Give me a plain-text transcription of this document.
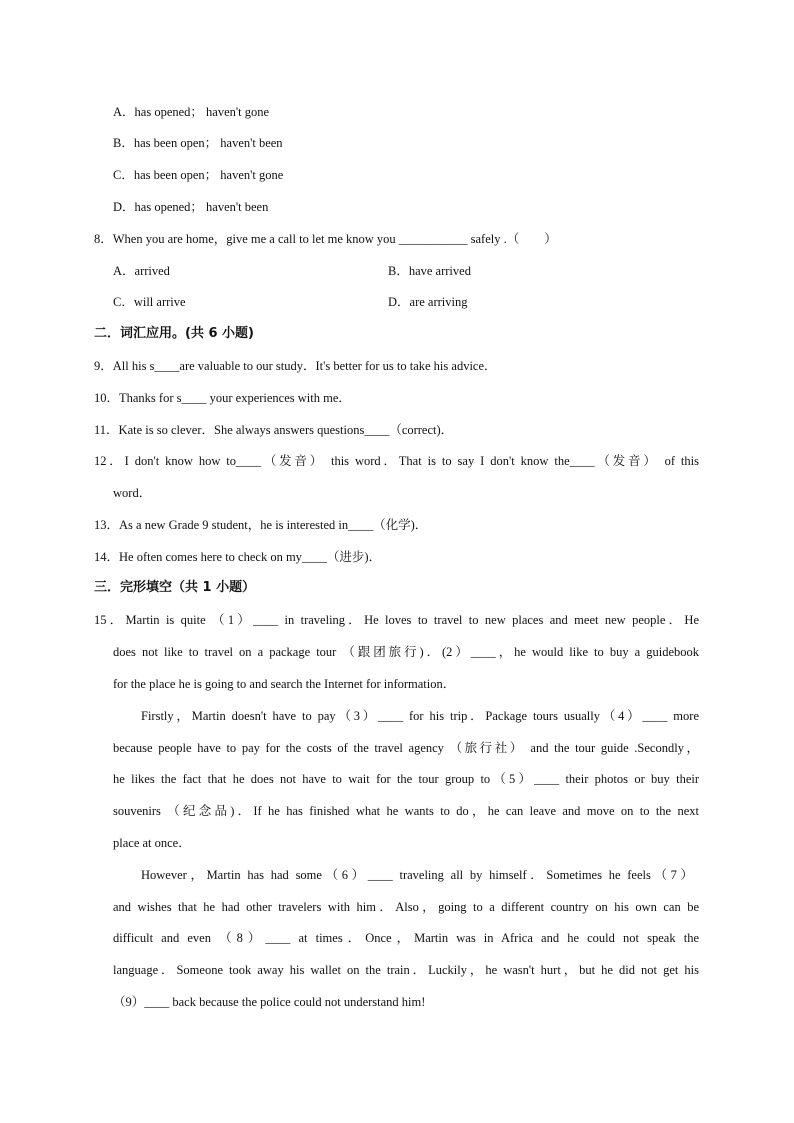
A．has opened； haven't gone
B．has been open； haven't been
C．has been open； haven't gone
D．has opened； haven't been
8．When you are home，give me a call to let me know you ___________ safely .（　　）
A．arrived	B．have arrived
C．will arrive	D．are arriving
二．词汇应用。(共 6 小题)
9．All his s____are valuable to our study．It's better for us to take his advice．
10．Thanks for s____ your experiences with me．
11．Kate is so clever．She always answers questions____（correct)．
12．I don't know how to____（发音） this word．That is to say I don't know the____（发音） of this
word．
13．As a new Grade 9 student，he is interested in____（化学)．
14．He often comes here to check on my____（进步)．
三．完形填空（共 1 小题）
15．Martin is quite （1）____ in traveling．He loves to travel to new places and meet new people．He
does not like to travel on a package tour （跟团旅行)．(2）____，he would like to buy a guidebook
for the place he is going to and search the Internet for information．
Firstly，Martin doesn't have to pay（3）____ for his trip．Package tours usually（4）____ more
because people have to pay for the costs of the travel agency （旅行社） and the tour guide .Secondly，
he likes the fact that he does not have to wait for the tour group to（5）____ their photos or buy their
souvenirs （纪念品)．If he has finished what he wants to do，he can leave and move on to the next
place at once．
However，Martin has had some（6）____ traveling all by himself．Sometimes he feels（7）
and wishes that he had other travelers with him．Also，going to a different country on his own can be
difficult and even （8）____ at times．Once，Martin was in Africa and he could not speak the
language．Someone took away his wallet on the train．Luckily，he wasn't hurt，but he did not get his
（9）____ back because the police could not understand him!
